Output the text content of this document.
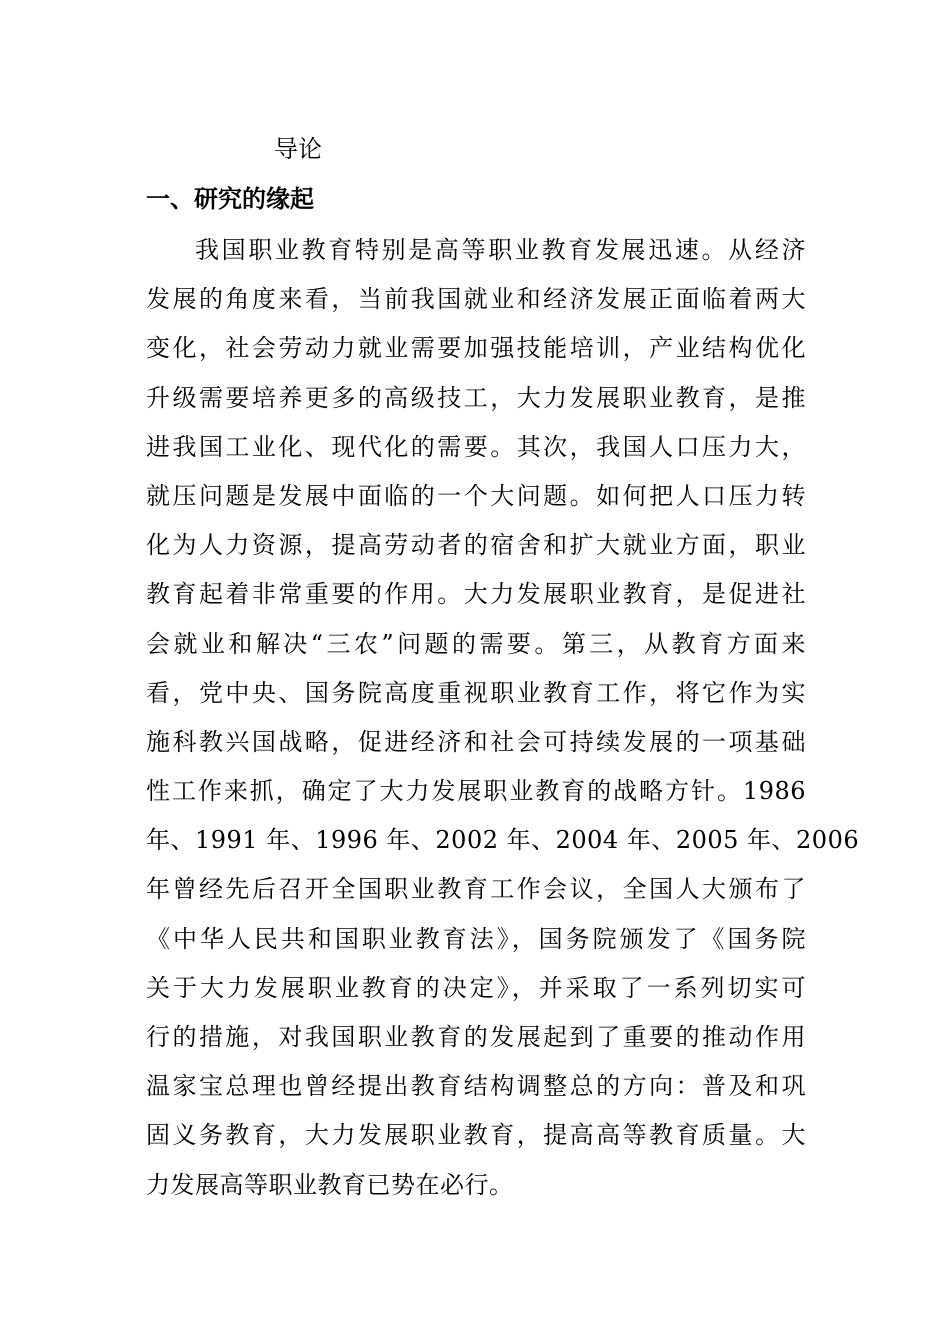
导论
一、研究的缘起
我国职业教育特别是高等职业教育发展迅速。从经济
发展的角度来看，当前我国就业和经济发展正面临着两大
变化，社会劳动力就业需要加强技能培训，产业结构优化
升级需要培养更多的高级技工，大力发展职业教育，是推
进我国工业化、现代化的需要。其次，我国人口压力大，
就压问题是发展中面临的一个大问题。如何把人口压力转
化为人力资源，提高劳动者的宿舍和扩大就业方面，职业
教育起着非常重要的作用。大力发展职业教育，是促进社
会就业和解决“三农”问题的需要。第三，从教育方面来
看，党中央、国务院高度重视职业教育工作，将它作为实
施科教兴国战略，促进经济和社会可持续发展的一项基础
性工作来抓，确定了大力发展职业教育的战略方针。1986
年、1991 年、1996 年、2002 年、2004 年、2005 年、2006
年曾经先后召开全国职业教育工作会议，全国人大颁布了
《中华人民共和国职业教育法》，国务院颁发了《国务院
关于大力发展职业教育的决定》，并采取了一系列切实可
行的措施，对我国职业教育的发展起到了重要的推动作用
温家宝总理也曾经提出教育结构调整总的方向：普及和巩
固义务教育，大力发展职业教育，提高高等教育质量。大
力发展高等职业教育已势在必行。
